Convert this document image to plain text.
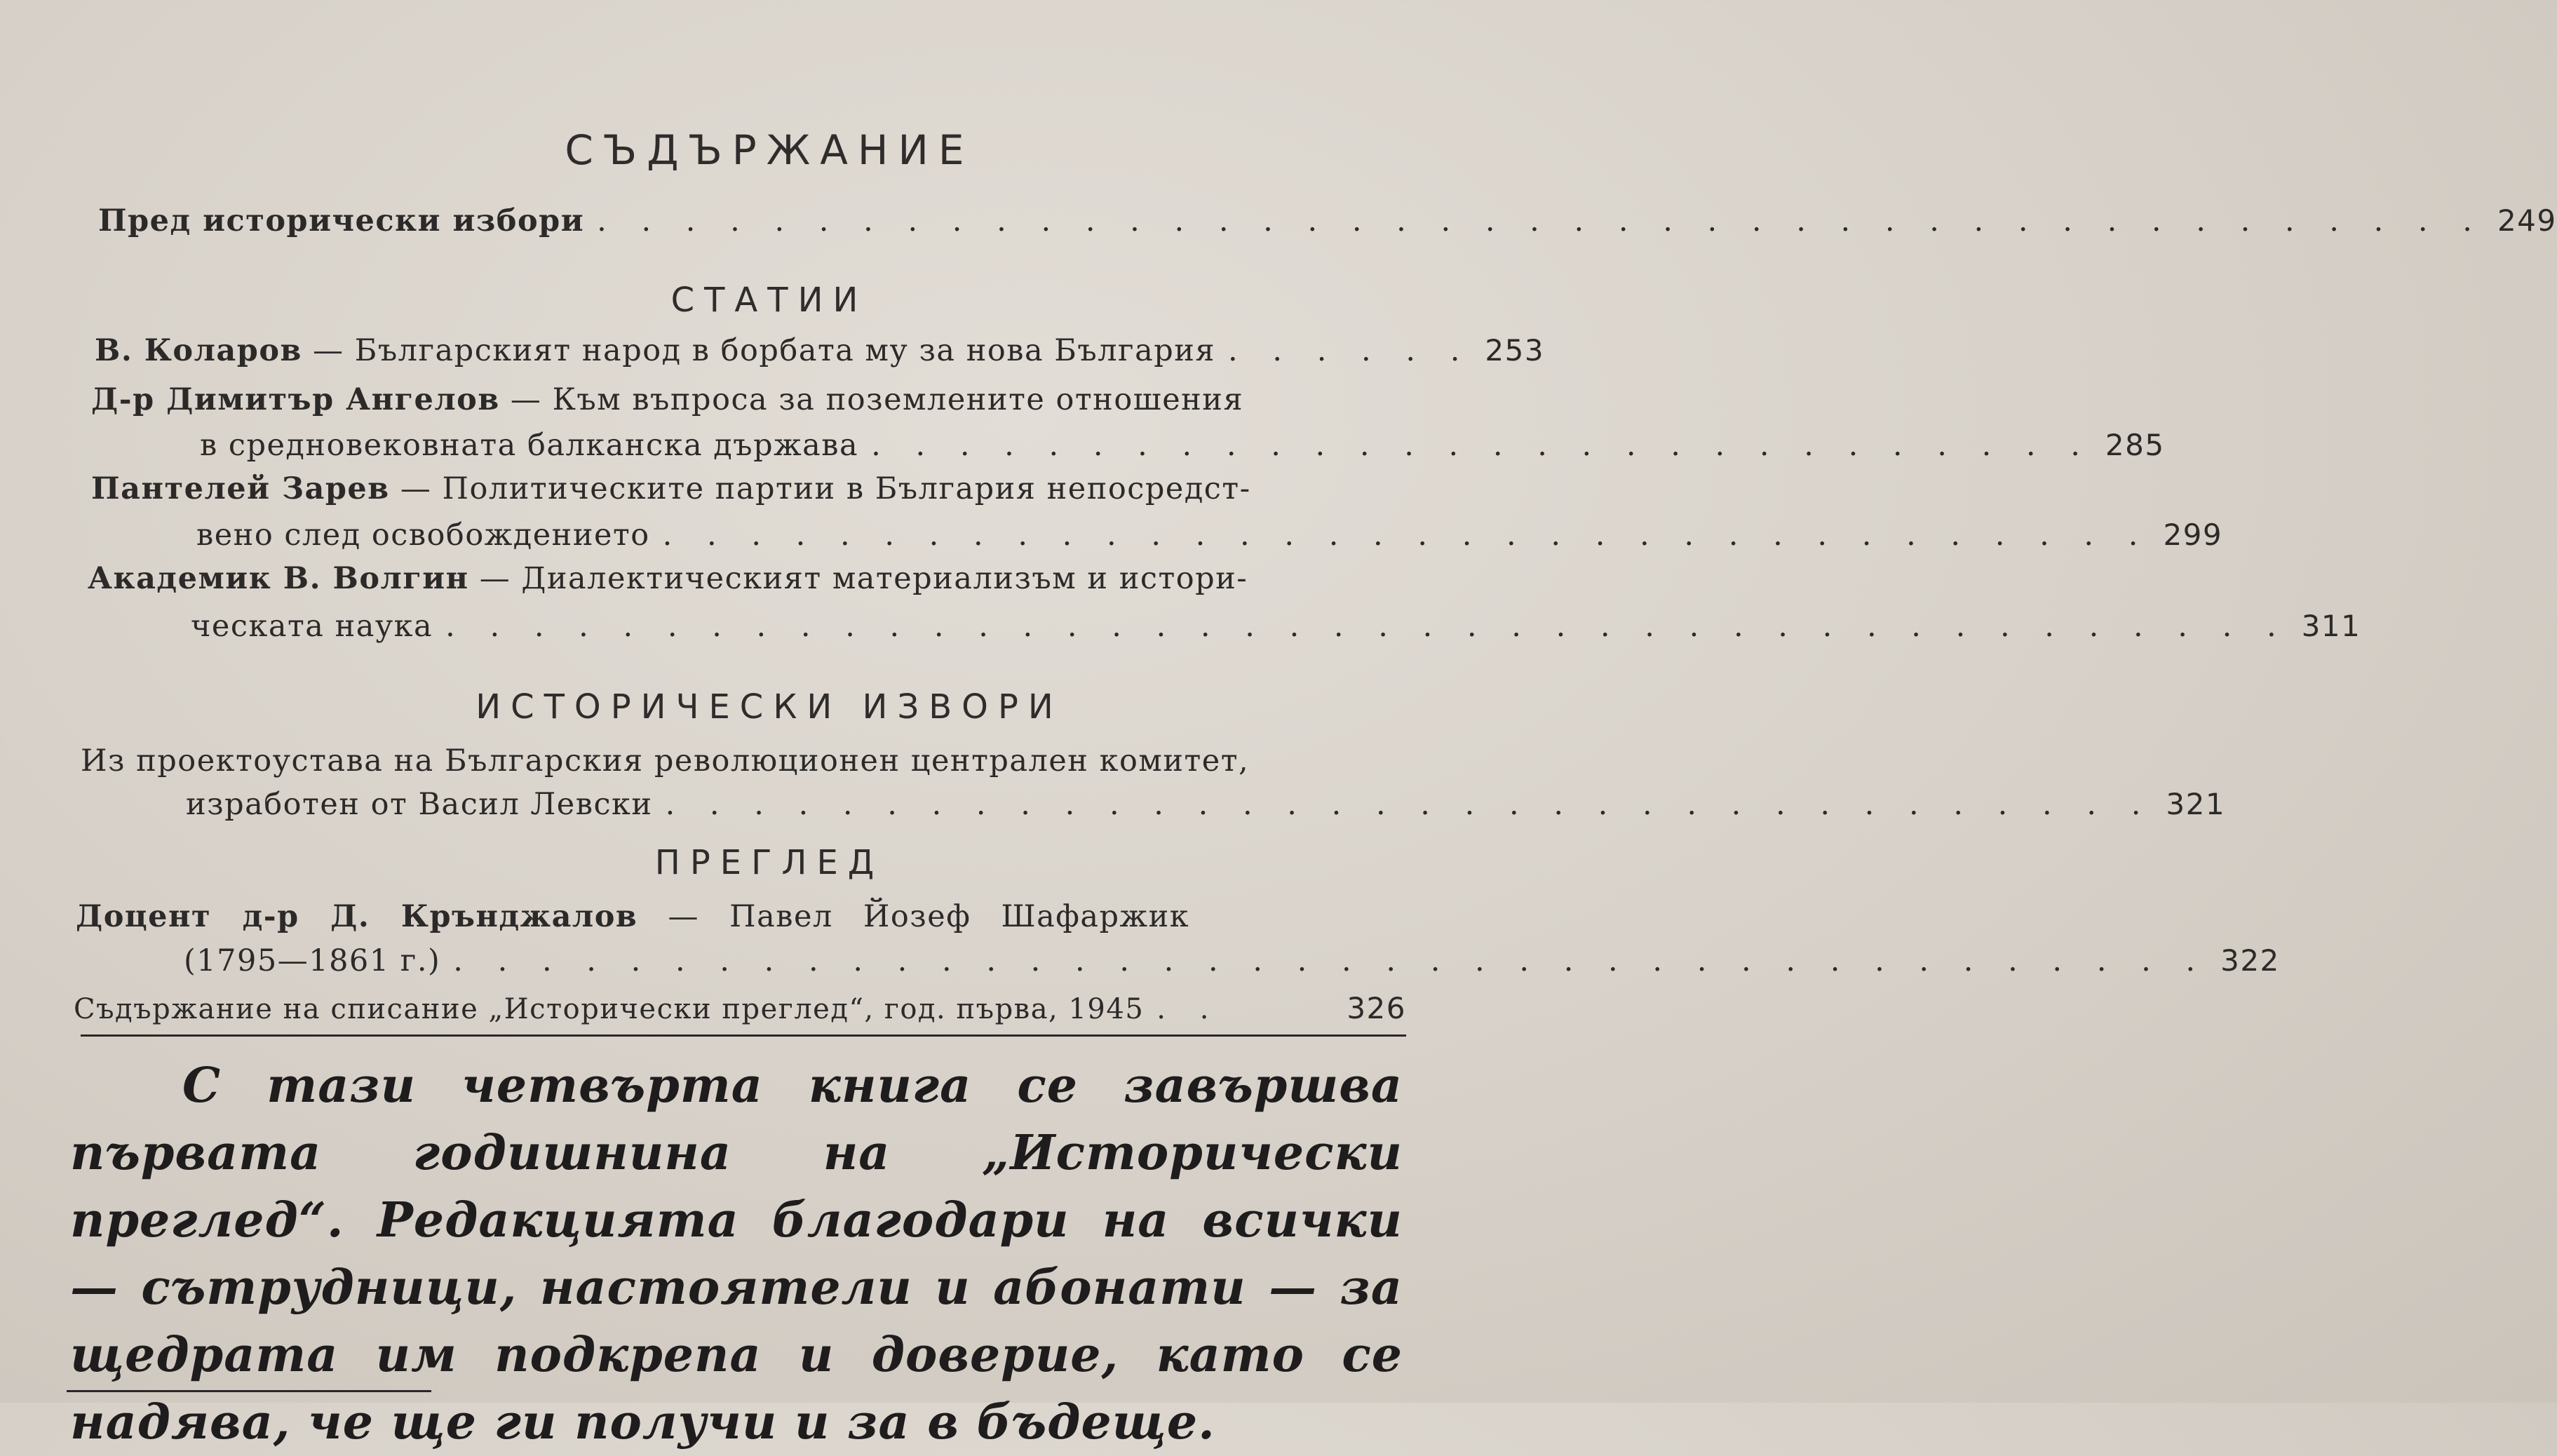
СЪДЪРЖАНИЕ
Пред исторически избори . . . . . . . . . . . . . . . . . . . . . . . . . . . . . . . . . . . . . . . . . . . 249
СТАТИИ
В. Коларов — Българският народ в борбата му за нова България . . . . . . 253
Д-р Димитър Ангелов — Към въпроса за поземлените отношения
в средновековната балканска държава . . . . . . . . . . . . . . . . . . . . . . . . . . . . 285
Пантелей Зарев — Политическите партии в България непосредст-
вено след освобождението . . . . . . . . . . . . . . . . . . . . . . . . . . . . . . . . . . 299
Академик В. Волгин — Диалектическият материализъм и истори-
ческата наука . . . . . . . . . . . . . . . . . . . . . . . . . . . . . . . . . . . . . . . . . . 311
ИСТОРИЧЕСКИ ИЗВОРИ
Из проектоустава на Българския революционен централен комитет,
изработен от Васил Левски . . . . . . . . . . . . . . . . . . . . . . . . . . . . . . . . . . 321
ПРЕГЛЕД
Доцент д-р Д. Крънджалов — Павел Йозеф Шафаржик
(1795—1861 г.) . . . . . . . . . . . . . . . . . . . . . . . . . . . . . . . . . . . . . . . . 322
Съдържание на списание „Исторически преглед“, год. първа, 1945 . .	326
С тази четвърта книга се завършва първата годишнина на „Исторически преглед“. Редакцията благодари на всички — сътрудници, настоятели и абонати — за щедрата им подкрепа и доверие, като се надява, че ще ги получи и за в бъдеще.
